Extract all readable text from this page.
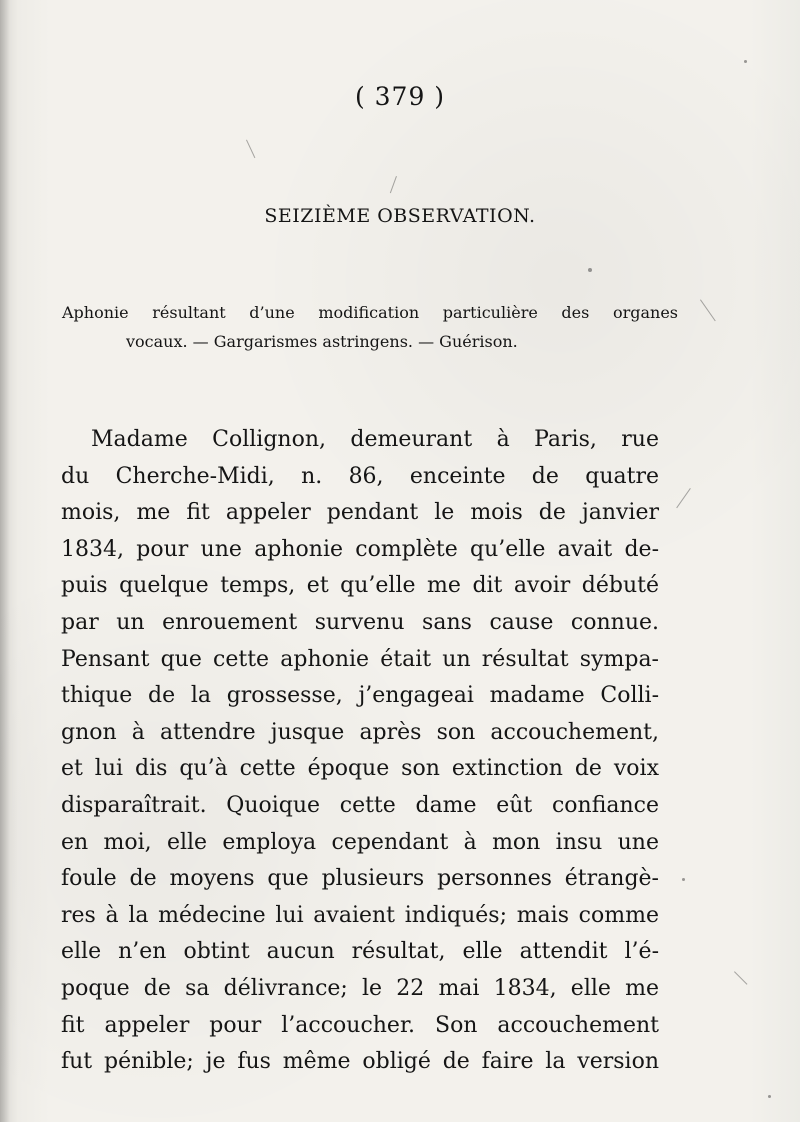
( 379 )
SEIZIÈME OBSERVATION.
Aphonie résultant d’une modification particulière des organes
vocaux. — Gargarismes astringens. — Guérison.
Madame Collignon, demeurant à Paris, rue
du Cherche-Midi, n. 86, enceinte de quatre
mois, me fit appeler pendant le mois de janvier
1834, pour une aphonie complète qu’elle avait de-
puis quelque temps, et qu’elle me dit avoir débuté
par un enrouement survenu sans cause connue.
Pensant que cette aphonie était un résultat sympa-
thique de la grossesse, j’engageai madame Colli-
gnon à attendre jusque après son accouchement,
et lui dis qu’à cette époque son extinction de voix
disparaîtrait. Quoique cette dame eût confiance
en moi, elle employa cependant à mon insu une
foule de moyens que plusieurs personnes étrangè-
res à la médecine lui avaient indiqués; mais comme
elle n’en obtint aucun résultat, elle attendit l’é-
poque de sa délivrance; le 22 mai 1834, elle me
fit appeler pour l’accoucher. Son accouchement
fut pénible; je fus même obligé de faire la version
